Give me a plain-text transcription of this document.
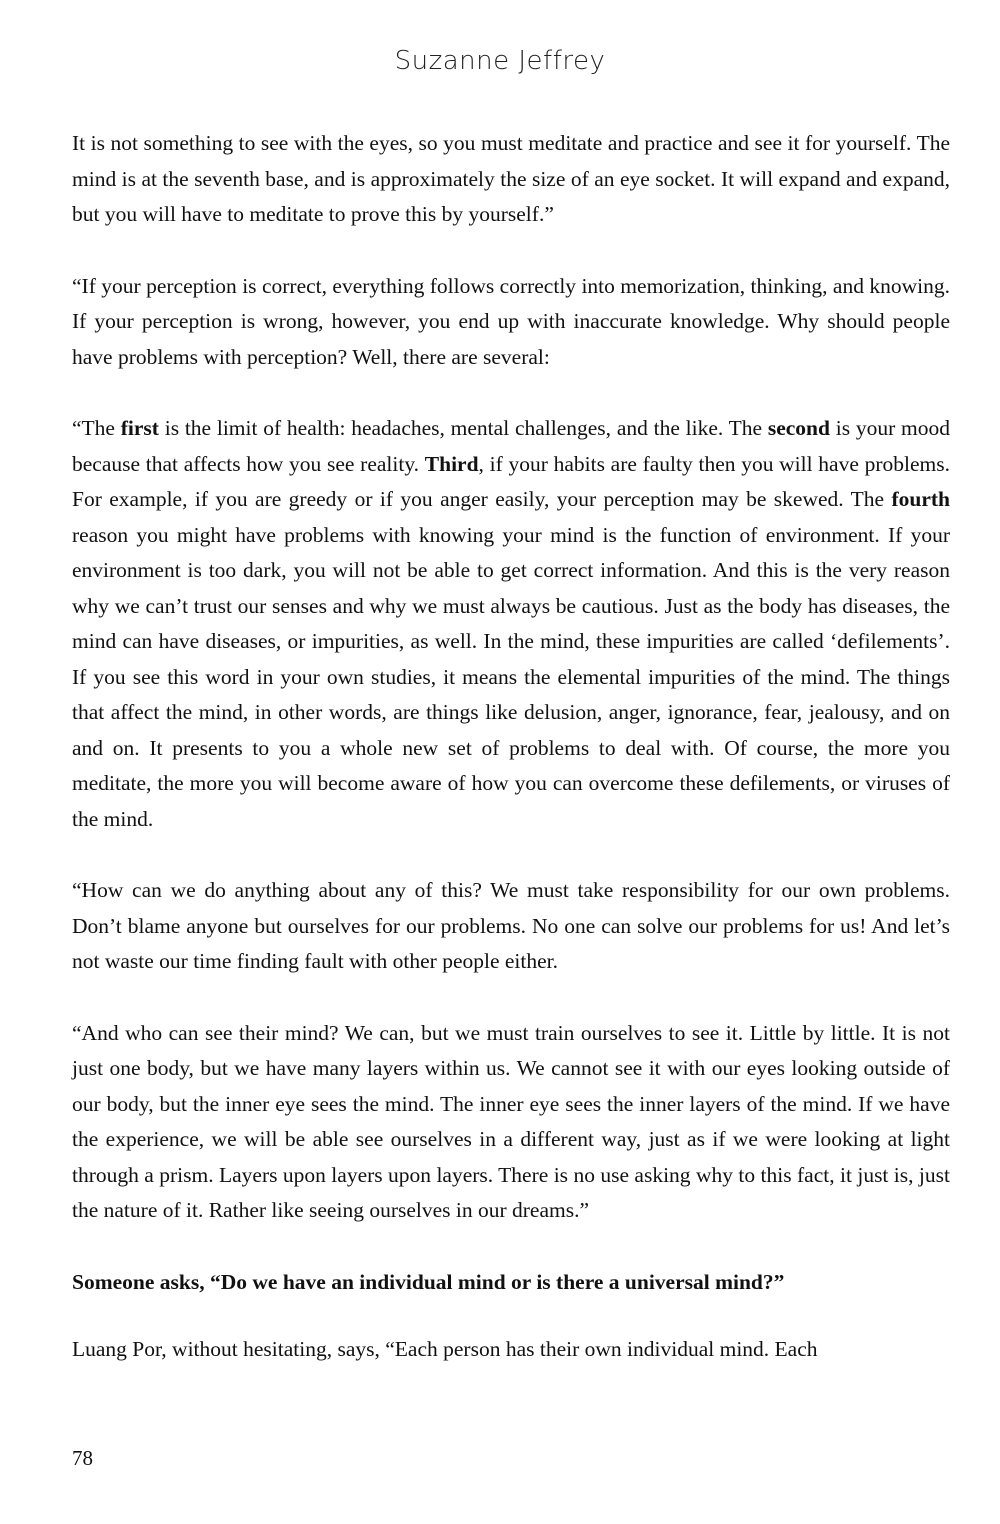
Suzanne Jeffrey

It is not something to see with the eyes, so you must meditate and practice and see it for yourself. The mind is at the seventh base, and is approximately the size of an eye socket. It will expand and expand, but you will have to meditate to prove this by yourself.”

“If your perception is correct, everything follows correctly into memorization, thinking, and knowing. If your perception is wrong, however, you end up with inaccurate knowledge. Why should people have problems with perception? Well, there are several:

“The first is the limit of health: headaches, mental challenges, and the like. The second is your mood because that affects how you see reality. Third, if your habits are faulty then you will have problems. For example, if you are greedy or if you anger easily, your perception may be skewed. The fourth reason you might have problems with knowing your mind is the function of environment. If your environment is too dark, you will not be able to get correct information. And this is the very reason why we can’t trust our senses and why we must always be cautious. Just as the body has diseases, the mind can have diseases, or impurities, as well. In the mind, these impurities are called ‘defilements’. If you see this word in your own studies, it means the elemental impurities of the mind. The things that affect the mind, in other words, are things like delusion, anger, ignorance, fear, jealousy, and on and on. It presents to you a whole new set of problems to deal with. Of course, the more you meditate, the more you will become aware of how you can overcome these defilements, or viruses of the mind.

“How can we do anything about any of this? We must take responsibility for our own problems. Don’t blame anyone but ourselves for our problems. No one can solve our problems for us! And let’s not waste our time finding fault with other people either.

“And who can see their mind? We can, but we must train ourselves to see it. Little by little. It is not just one body, but we have many layers within us. We cannot see it with our eyes looking outside of our body, but the inner eye sees the mind. The inner eye sees the inner layers of the mind. If we have the experience, we will be able see ourselves in a different way, just as if we were looking at light through a prism. Layers upon layers upon layers. There is no use asking why to this fact, it just is, just the nature of it. Rather like seeing ourselves in our dreams.”

Someone asks, “Do we have an individual mind or is there a universal mind?”

Luang Por, without hesitating, says, “Each person has their own individual mind. Each

78
